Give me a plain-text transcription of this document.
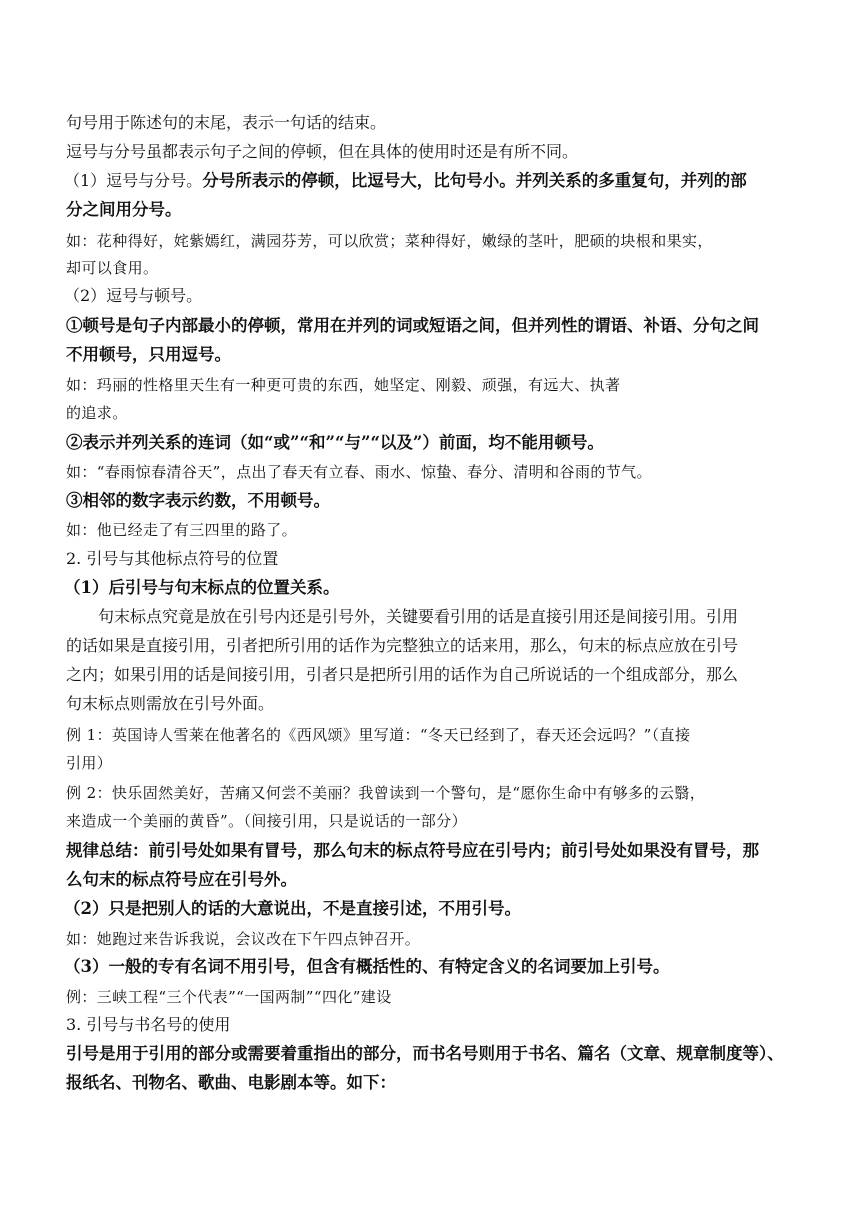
句号用于陈述句的末尾，表示一句话的结束。
逗号与分号虽都表示句子之间的停顿，但在具体的使用时还是有所不同。
（1）逗号与分号。分号所表示的停顿，比逗号大，比句号小。并列关系的多重复句，并列的部
分之间用分号。
如：花种得好，姹紫嫣红，满园芬芳，可以欣赏；菜种得好，嫩绿的茎叶，肥硕的块根和果实，
却可以食用。
（2）逗号与顿号。
①顿号是句子内部最小的停顿，常用在并列的词或短语之间，但并列性的谓语、补语、分句之间
不用顿号，只用逗号。
如：玛丽的性格里天生有一种更可贵的东西，她坚定、刚毅、顽强，有远大、执著
的追求。
②表示并列关系的连词（如“或”“和”“与”“以及”）前面，均不能用顿号。
如：“春雨惊春清谷天”，点出了春天有立春、雨水、惊蛰、春分、清明和谷雨的节气。
③相邻的数字表示约数，不用顿号。
如：他已经走了有三四里的路了。
2. 引号与其他标点符号的位置
（1）后引号与句末标点的位置关系。
句末标点究竟是放在引号内还是引号外，关键要看引用的话是直接引用还是间接引用。引用
的话如果是直接引用，引者把所引用的话作为完整独立的话来用，那么，句末的标点应放在引号
之内；如果引用的话是间接引用，引者只是把所引用的话作为自己所说话的一个组成部分，那么
句末标点则需放在引号外面。
例 1：英国诗人雪莱在他著名的《西风颂》里写道：“冬天已经到了，春天还会远吗？”（直接
引用）
例 2：快乐固然美好，苦痛又何尝不美丽？我曾读到一个警句，是“愿你生命中有够多的云翳，
来造成一个美丽的黄昏”。（间接引用，只是说话的一部分）
规律总结：前引号处如果有冒号，那么句末的标点符号应在引号内；前引号处如果没有冒号，那
么句末的标点符号应在引号外。
（2）只是把别人的话的大意说出，不是直接引述，不用引号。
如：她跑过来告诉我说，会议改在下午四点钟召开。
（3）一般的专有名词不用引号，但含有概括性的、有特定含义的名词要加上引号。
例：三峡工程“三个代表”“一国两制”“四化”建设
3. 引号与书名号的使用
引号是用于引用的部分或需要着重指出的部分，而书名号则用于书名、篇名（文章、规章制度等）、
报纸名、刊物名、歌曲、电影剧本等。如下：
